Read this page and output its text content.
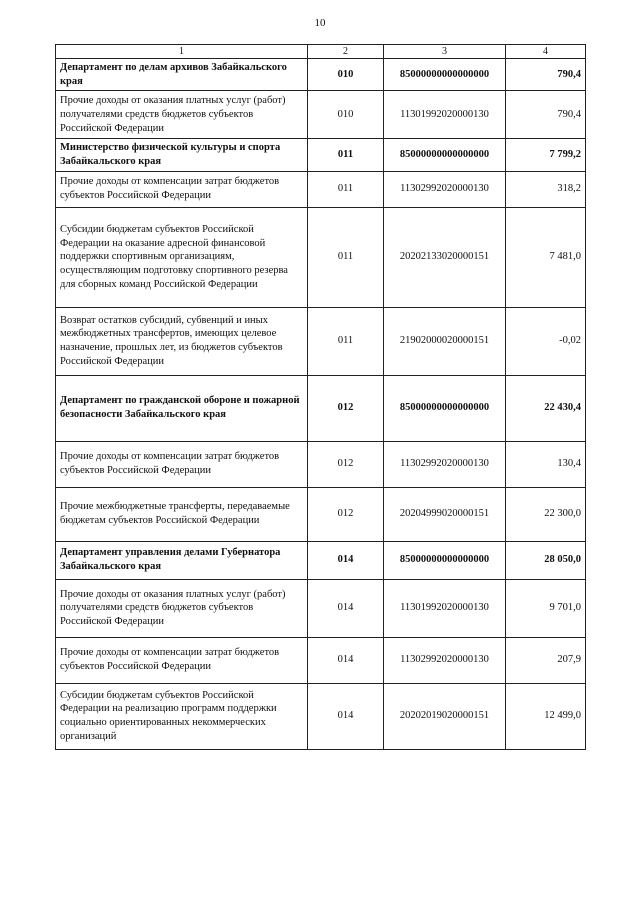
10
1	2	3	4
Департамент по делам архивов Забайкальского края	010	85000000000000000	790,4
Прочие доходы от оказания платных услуг (работ) получателями средств бюджетов субъектов Российской Федерации	010	11301992020000130	790,4
Министерство физической культуры и спорта Забайкальского края	011	85000000000000000	7 799,2
Прочие доходы от компенсации затрат бюджетов субъектов Российской Федерации	011	11302992020000130	318,2
Субсидии бюджетам субъектов Российской Федерации на оказание адресной финансовой поддержки спортивным организациям, осуществляющим подготовку спортивного резерва для сборных команд Российской Федерации	011	20202133020000151	7 481,0
Возврат остатков субсидий, субвенций и иных межбюджетных трансфертов, имеющих целевое назначение, прошлых лет, из бюджетов субъектов Российской Федерации	011	21902000020000151	-0,02
Департамент по гражданской обороне и пожарной безопасности Забайкальского края	012	85000000000000000	22 430,4
Прочие доходы от компенсации затрат бюджетов субъектов Российской Федерации	012	11302992020000130	130,4
Прочие межбюджетные трансферты, передаваемые бюджетам субъектов Российской Федерации	012	20204999020000151	22 300,0
Департамент управления делами Губернатора Забайкальского края	014	85000000000000000	28 050,0
Прочие доходы от оказания платных услуг (работ) получателями средств бюджетов субъектов Российской Федерации	014	11301992020000130	9 701,0
Прочие доходы от компенсации затрат бюджетов субъектов Российской Федерации	014	11302992020000130	207,9
Субсидии бюджетам субъектов Российской Федерации на реализацию программ поддержки социально ориентированных некоммерческих организаций	014	20202019020000151	12 499,0
